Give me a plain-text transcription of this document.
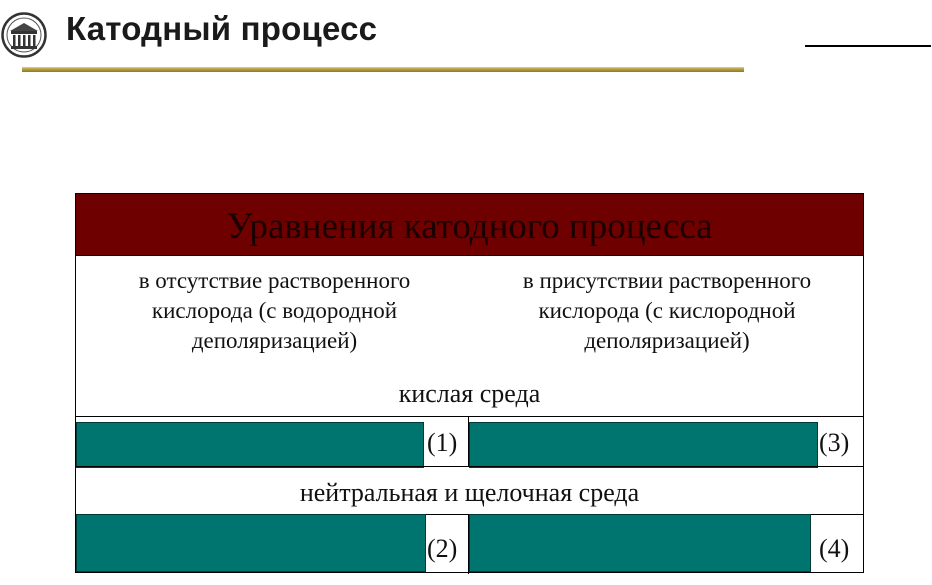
Катодный процесс
Уравнения катодного процесса
в отсутствие растворенного
кислорода (с водородной
деполяризацией)
в присутствии растворенного
кислорода (с кислородной
деполяризацией)
кислая среда
(1)	(3)
нейтральная и щелочная среда
(2)	(4)
